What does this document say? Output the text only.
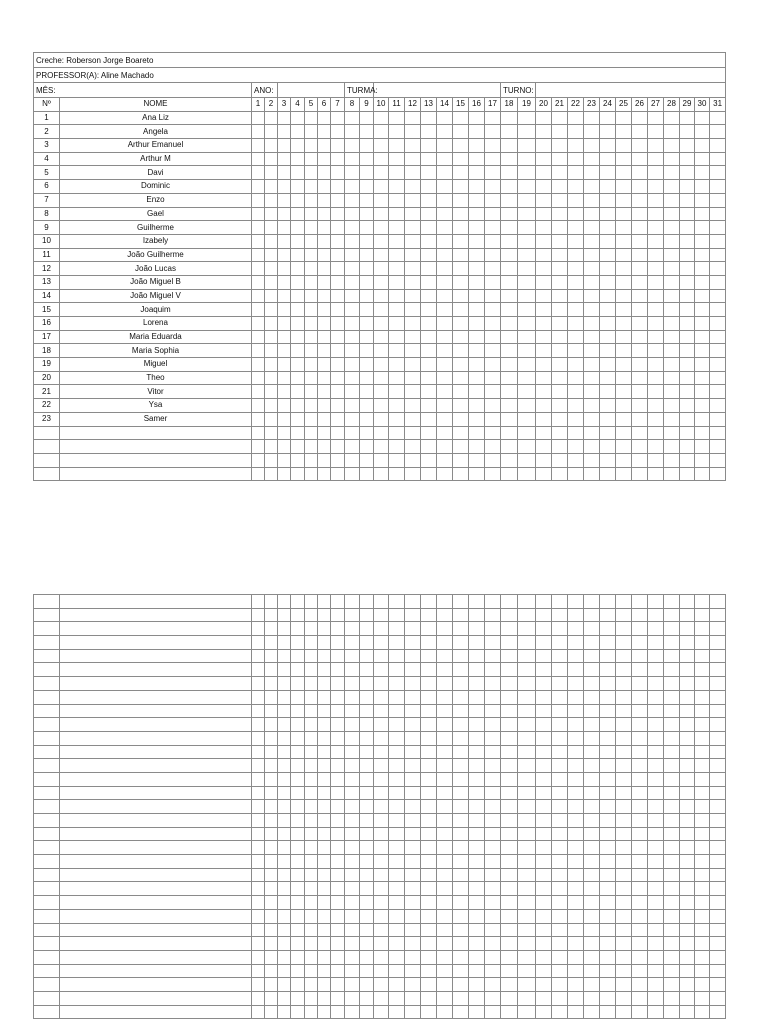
Creche: Roberson Jorge Boareto																																
PROFESSOR(A): Aline Machado																																
MÊS:		ANO:							TURMA:										TURNO:													
Nº	NOME	1	2	3	4	5	6	7	8	9	10	11	12	13	14	15	16	17	18	19	20	21	22	23	24	25	26	27	28	29	30	31
1	Ana Liz																															
2	Angela																															
3	Arthur Emanuel																															
4	Arthur M																															
5	Davi																															
6	Dominic																															
7	Enzo																															
8	Gael																															
9	Guilherme																															
10	Izabely																															
11	João Guilherme																															
12	João Lucas																															
13	João Miguel B																															
14	João Miguel V																															
15	Joaquim																															
16	Lorena																															
17	Maria Eduarda																															
18	Maria Sophia																															
19	Miguel																															
20	Theo																															
21	Vitor																															
22	Ysa																															
23	Samer																															
